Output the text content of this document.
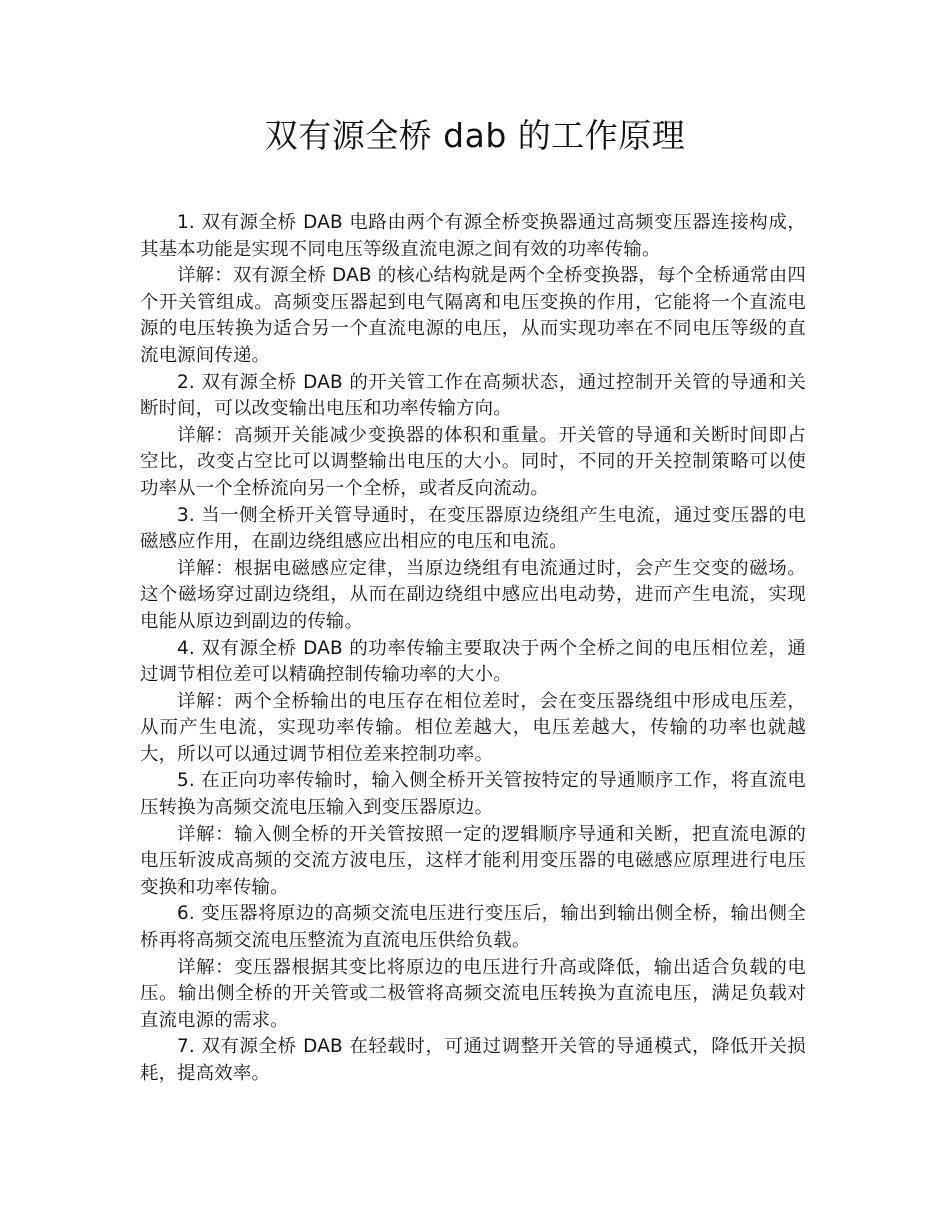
双有源全桥 dab 的工作原理

1. 双有源全桥 DAB 电路由两个有源全桥变换器通过高频变压器连接构成，其基本功能是实现不同电压等级直流电源之间有效的功率传输。

详解：双有源全桥 DAB 的核心结构就是两个全桥变换器，每个全桥通常由四个开关管组成。高频变压器起到电气隔离和电压变换的作用，它能将一个直流电源的电压转换为适合另一个直流电源的电压，从而实现功率在不同电压等级的直流电源间传递。

2. 双有源全桥 DAB 的开关管工作在高频状态，通过控制开关管的导通和关断时间，可以改变输出电压和功率传输方向。

详解：高频开关能减少变换器的体积和重量。开关管的导通和关断时间即占空比，改变占空比可以调整输出电压的大小。同时，不同的开关控制策略可以使功率从一个全桥流向另一个全桥，或者反向流动。

3. 当一侧全桥开关管导通时，在变压器原边绕组产生电流，通过变压器的电磁感应作用，在副边绕组感应出相应的电压和电流。

详解：根据电磁感应定律，当原边绕组有电流通过时，会产生交变的磁场。这个磁场穿过副边绕组，从而在副边绕组中感应出电动势，进而产生电流，实现电能从原边到副边的传输。

4. 双有源全桥 DAB 的功率传输主要取决于两个全桥之间的电压相位差，通过调节相位差可以精确控制传输功率的大小。

详解：两个全桥输出的电压存在相位差时，会在变压器绕组中形成电压差，从而产生电流，实现功率传输。相位差越大，电压差越大，传输的功率也就越大，所以可以通过调节相位差来控制功率。

5. 在正向功率传输时，输入侧全桥开关管按特定的导通顺序工作，将直流电压转换为高频交流电压输入到变压器原边。

详解：输入侧全桥的开关管按照一定的逻辑顺序导通和关断，把直流电源的电压斩波成高频的交流方波电压，这样才能利用变压器的电磁感应原理进行电压变换和功率传输。

6. 变压器将原边的高频交流电压进行变压后，输出到输出侧全桥，输出侧全桥再将高频交流电压整流为直流电压供给负载。

详解：变压器根据其变比将原边的电压进行升高或降低，输出适合负载的电压。输出侧全桥的开关管或二极管将高频交流电压转换为直流电压，满足负载对直流电源的需求。

7. 双有源全桥 DAB 在轻载时，可通过调整开关管的导通模式，降低开关损耗，提高效率。
